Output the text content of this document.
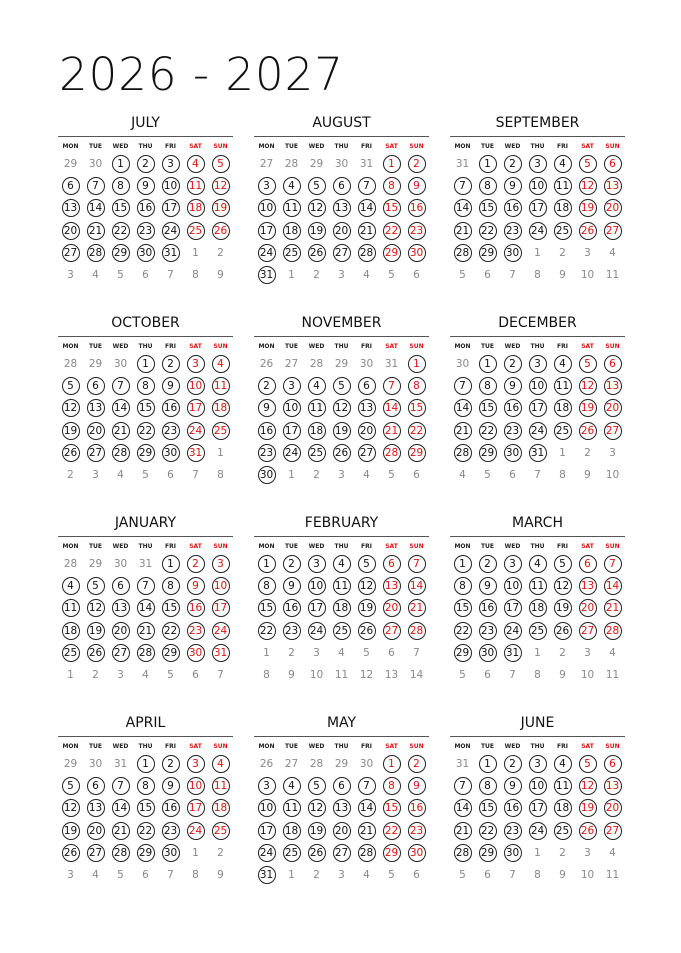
2026 - 2027
JULY
MON	TUE	WED	THU	FRI	SAT	SUN
29 30	1	2	3	4	5
6	7	8	9	10 11 12
13 14 15 16 17 18 19
20 21 22 23 24 25 26
27 28 29 30 31	1	2
3	4	5	6	7	8	9
AUGUST
MON	TUE	WED	THU	FRI	SAT	SUN
27 28 29 30 31	1	2
3	4	5	6	7	8	9
10 11 12 13 14 15 16
17 18 19 20 21 22 23
24 25 26 27 28 29 30
31	1	2	3	4	5	6
SEPTEMBER
MON	TUE	WED	THU	FRI	SAT	SUN
31	1	2	3	4	5	6
7	8	9	10 11 12 13
14 15 16 17 18 19 20
21 22 23 24 25 26 27
28 29 30	1	2	3	4
5	6	7	8	9	10 11
OCTOBER
MON	TUE	WED	THU	FRI	SAT	SUN
28 29 30	1	2	3	4
5	6	7	8	9	10 11
12 13 14 15 16 17 18
19 20 21 22 23 24 25
26 27 28 29 30 31	1
2	3	4	5	6	7	8
NOVEMBER
MON	TUE	WED	THU	FRI	SAT	SUN
26 27 28 29 30 31	1
2	3	4	5	6	7	8
9	10 11 12 13 14 15
16 17 18 19 20 21 22
23 24 25 26 27 28 29
30	1	2	3	4	5	6
DECEMBER
MON	TUE	WED	THU	FRI	SAT	SUN
30	1	2	3	4	5	6
7	8	9	10 11 12 13
14 15 16 17 18 19 20
21 22 23 24 25 26 27
28 29 30 31	1	2	3
4	5	6	7	8	9	10
JANUARY
MON	TUE	WED	THU	FRI	SAT	SUN
28 29 30 31	1	2	3
4	5	6	7	8	9	10
11 12 13 14 15 16 17
18 19 20 21 22 23 24
25 26 27 28 29 30 31
1	2	3	4	5	6	7
FEBRUARY
MON	TUE	WED	THU	FRI	SAT	SUN
1	2	3	4	5	6	7
8	9	10 11 12 13 14
15 16 17 18 19 20 21
22 23 24 25 26 27 28
1	2	3	4	5	6	7
8	9	10 11 12 13 14
MARCH
MON	TUE	WED	THU	FRI	SAT	SUN
1	2	3	4	5	6	7
8	9	10 11 12 13 14
15 16 17 18 19 20 21
22 23 24 25 26 27 28
29 30 31	1	2	3	4
5	6	7	8	9	10 11
APRIL
MON	TUE	WED	THU	FRI	SAT	SUN
29 30 31	1	2	3	4
5	6	7	8	9	10 11
12 13 14 15 16 17 18
19 20 21 22 23 24 25
26 27 28 29 30	1	2
3	4	5	6	7	8	9
MAY
MON	TUE	WED	THU	FRI	SAT	SUN
26 27 28 29 30	1	2
3	4	5	6	7	8	9
10 11 12 13 14 15 16
17 18 19 20 21 22 23
24 25 26 27 28 29 30
31	1	2	3	4	5	6
JUNE
MON	TUE	WED	THU	FRI	SAT	SUN
31	1	2	3	4	5	6
7	8	9	10 11 12 13
14 15 16 17 18 19 20
21 22 23 24 25 26 27
28 29 30	1	2	3	4
5	6	7	8	9	10 11
